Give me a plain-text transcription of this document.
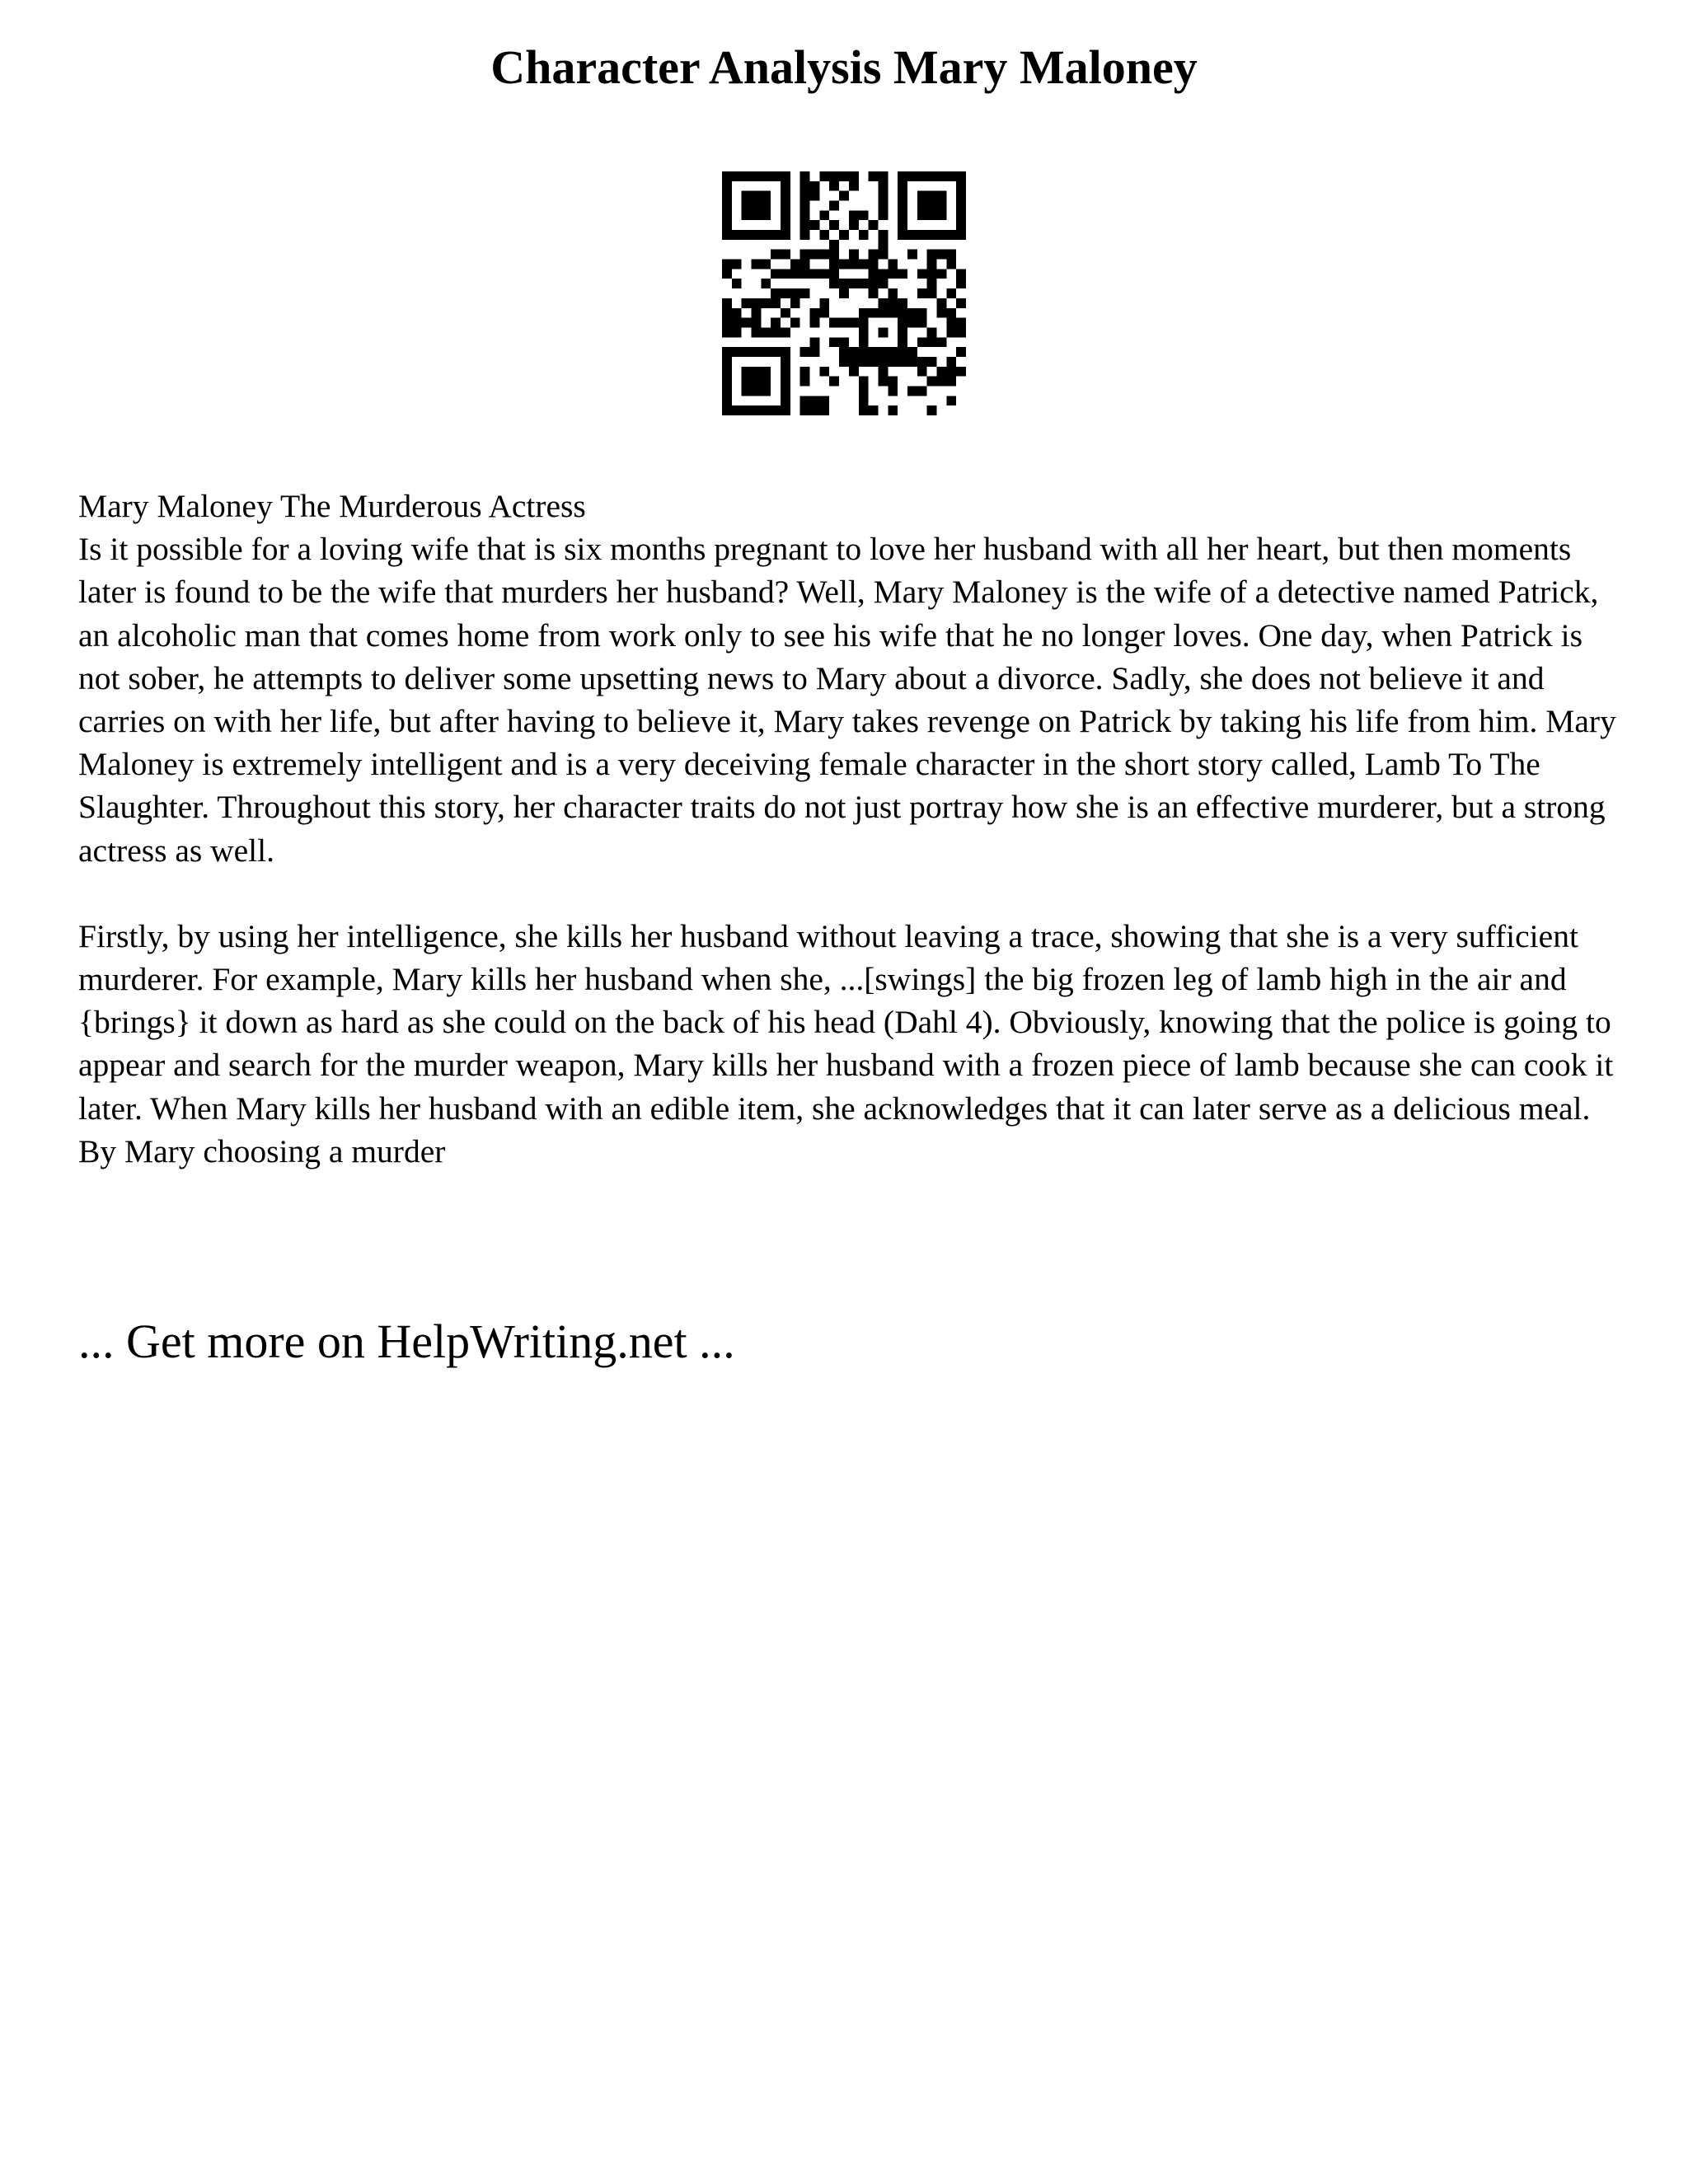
Character Analysis Mary Maloney

Mary Maloney The Murderous Actress

Is it possible for a loving wife that is six months pregnant to love her husband with all her heart, but then moments later is found to be the wife that murders her husband? Well, Mary Maloney is the wife of a detective named Patrick, an alcoholic man that comes home from work only to see his wife that he no longer loves. One day, when Patrick is not sober, he attempts to deliver some upsetting news to Mary about a divorce. Sadly, she does not believe it and carries on with her life, but after having to believe it, Mary takes revenge on Patrick by taking his life from him. Mary Maloney is extremely intelligent and is a very deceiving female character in the short story called, Lamb To The Slaughter. Throughout this story, her character traits do not just portray how she is an effective murderer, but a strong actress as well.

Firstly, by using her intelligence, she kills her husband without leaving a trace, showing that she is a very sufficient murderer. For example, Mary kills her husband when she, ...[swings] the big frozen leg of lamb high in the air and {brings} it down as hard as she could on the back of his head (Dahl 4). Obviously, knowing that the police is going to appear and search for the murder weapon, Mary kills her husband with a frozen piece of lamb because she can cook it later. When Mary kills her husband with an edible item, she acknowledges that it can later serve as a delicious meal. By Mary choosing a murder

... Get more on HelpWriting.net ...
